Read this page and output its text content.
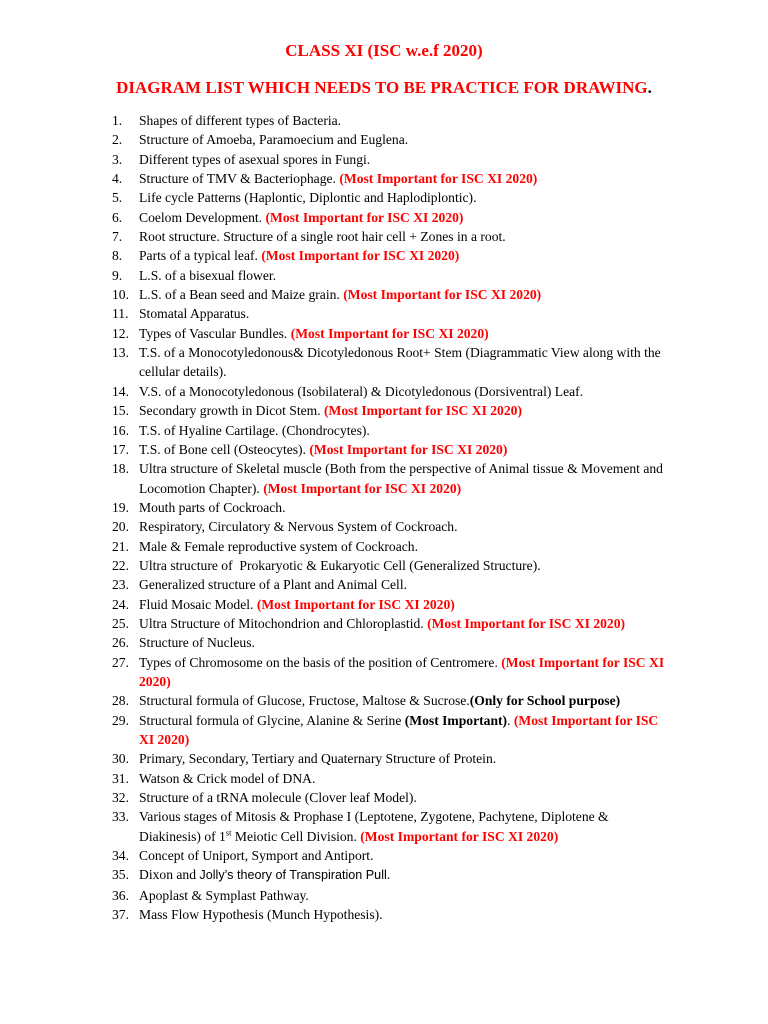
CLASS XI (ISC w.e.f 2020)
DIAGRAM LIST WHICH NEEDS TO BE PRACTICE FOR DRAWING.
1. Shapes of different types of Bacteria.
2. Structure of Amoeba, Paramoecium and Euglena.
3. Different types of asexual spores in Fungi.
4. Structure of TMV & Bacteriophage. (Most Important for ISC XI 2020)
5. Life cycle Patterns (Haplontic, Diplontic and Haplodiplontic).
6. Coelom Development. (Most Important for ISC XI 2020)
7. Root structure. Structure of a single root hair cell + Zones in a root.
8. Parts of a typical leaf. (Most Important for ISC XI 2020)
9. L.S. of a bisexual flower.
10. L.S. of a Bean seed and Maize grain. (Most Important for ISC XI 2020)
11. Stomatal Apparatus.
12. Types of Vascular Bundles. (Most Important for ISC XI 2020)
13. T.S. of a Monocotyledonous& Dicotyledonous Root+ Stem (Diagrammatic View along with the cellular details).
14. V.S. of a Monocotyledonous (Isobilateral) & Dicotyledonous (Dorsiventral) Leaf.
15. Secondary growth in Dicot Stem. (Most Important for ISC XI 2020)
16. T.S. of Hyaline Cartilage. (Chondrocytes).
17. T.S. of Bone cell (Osteocytes). (Most Important for ISC XI 2020)
18. Ultra structure of Skeletal muscle (Both from the perspective of Animal tissue & Movement and Locomotion Chapter). (Most Important for ISC XI 2020)
19. Mouth parts of Cockroach.
20. Respiratory, Circulatory & Nervous System of Cockroach.
21. Male & Female reproductive system of Cockroach.
22. Ultra structure of  Prokaryotic & Eukaryotic Cell (Generalized Structure).
23. Generalized structure of a Plant and Animal Cell.
24. Fluid Mosaic Model. (Most Important for ISC XI 2020)
25. Ultra Structure of Mitochondrion and Chloroplastid. (Most Important for ISC XI 2020)
26. Structure of Nucleus.
27. Types of Chromosome on the basis of the position of Centromere. (Most Important for ISC XI 2020)
28. Structural formula of Glucose, Fructose, Maltose & Sucrose.(Only for School purpose)
29. Structural formula of Glycine, Alanine & Serine (Most Important). (Most Important for ISC XI 2020)
30. Primary, Secondary, Tertiary and Quaternary Structure of Protein.
31. Watson & Crick model of DNA.
32. Structure of a tRNA molecule (Clover leaf Model).
33. Various stages of Mitosis & Prophase I (Leptotene, Zygotene, Pachytene, Diplotene & Diakinesis) of 1st Meiotic Cell Division. (Most Important for ISC XI 2020)
34. Concept of Uniport, Symport and Antiport.
35. Dixon and Jolly’s theory of Transpiration Pull.
36. Apoplast & Symplast Pathway.
37. Mass Flow Hypothesis (Munch Hypothesis).
